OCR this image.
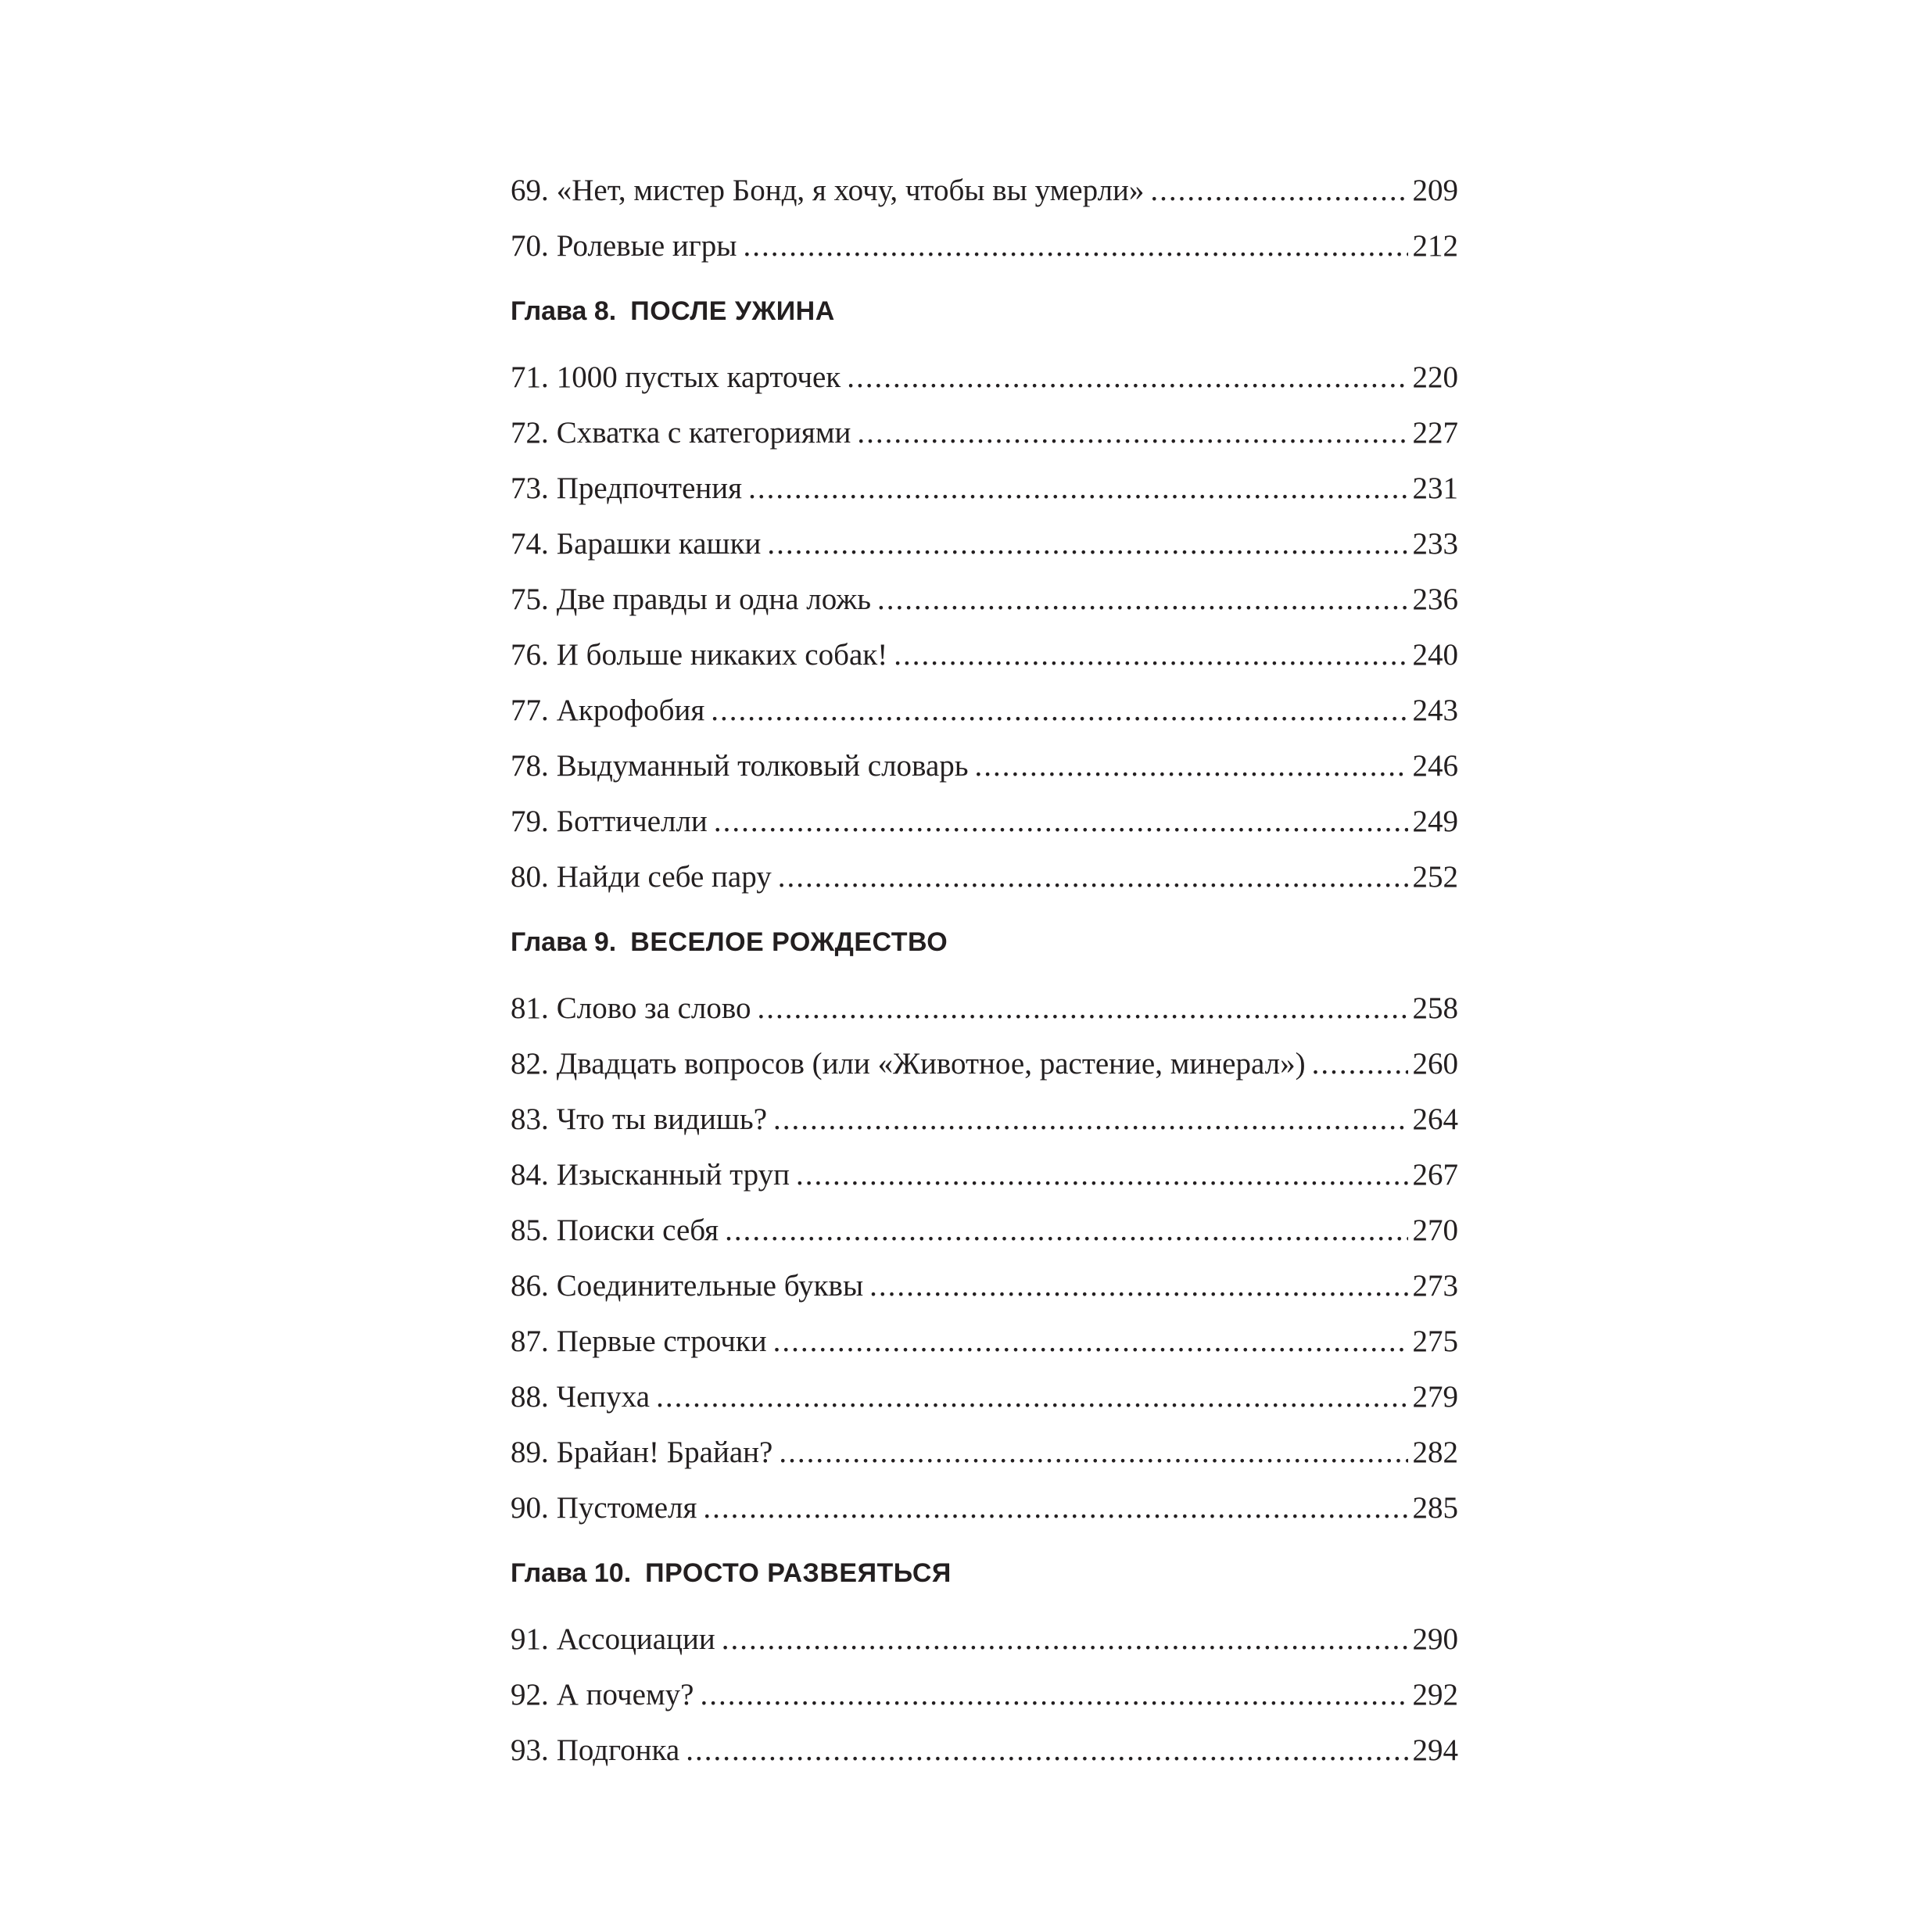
69. «Нет, мистер Бонд, я хочу, чтобы вы умерли» .....	209
70. Ролевые игры .....	212
Глава 8. ПОСЛЕ УЖИНА
71. 1000 пустых карточек .....	220
72. Схватка с категориями .....	227
73. Предпочтения .....	231
74. Барашки кашки .....	233
75. Две правды и одна ложь .....	236
76. И больше никаких собак! .....	240
77. Акрофобия .....	243
78. Выдуманный толковый словарь .....	246
79. Боттичелли .....	249
80. Найди себе пару .....	252
Глава 9. ВЕСЕЛОЕ РОЖДЕСТВО
81. Слово за слово .....	258
82. Двадцать вопросов (или «Животное, растение, минерал») .....	260
83. Что ты видишь? .....	264
84. Изысканный труп .....	267
85. Поиски себя .....	270
86. Соединительные буквы .....	273
87. Первые строчки .....	275
88. Чепуха .....	279
89. Брайан! Брайан? .....	282
90. Пустомеля .....	285
Глава 10. ПРОСТО РАЗВЕЯТЬСЯ
91. Ассоциации .....	290
92. А почему? .....	292
93. Подгонка .....	294
